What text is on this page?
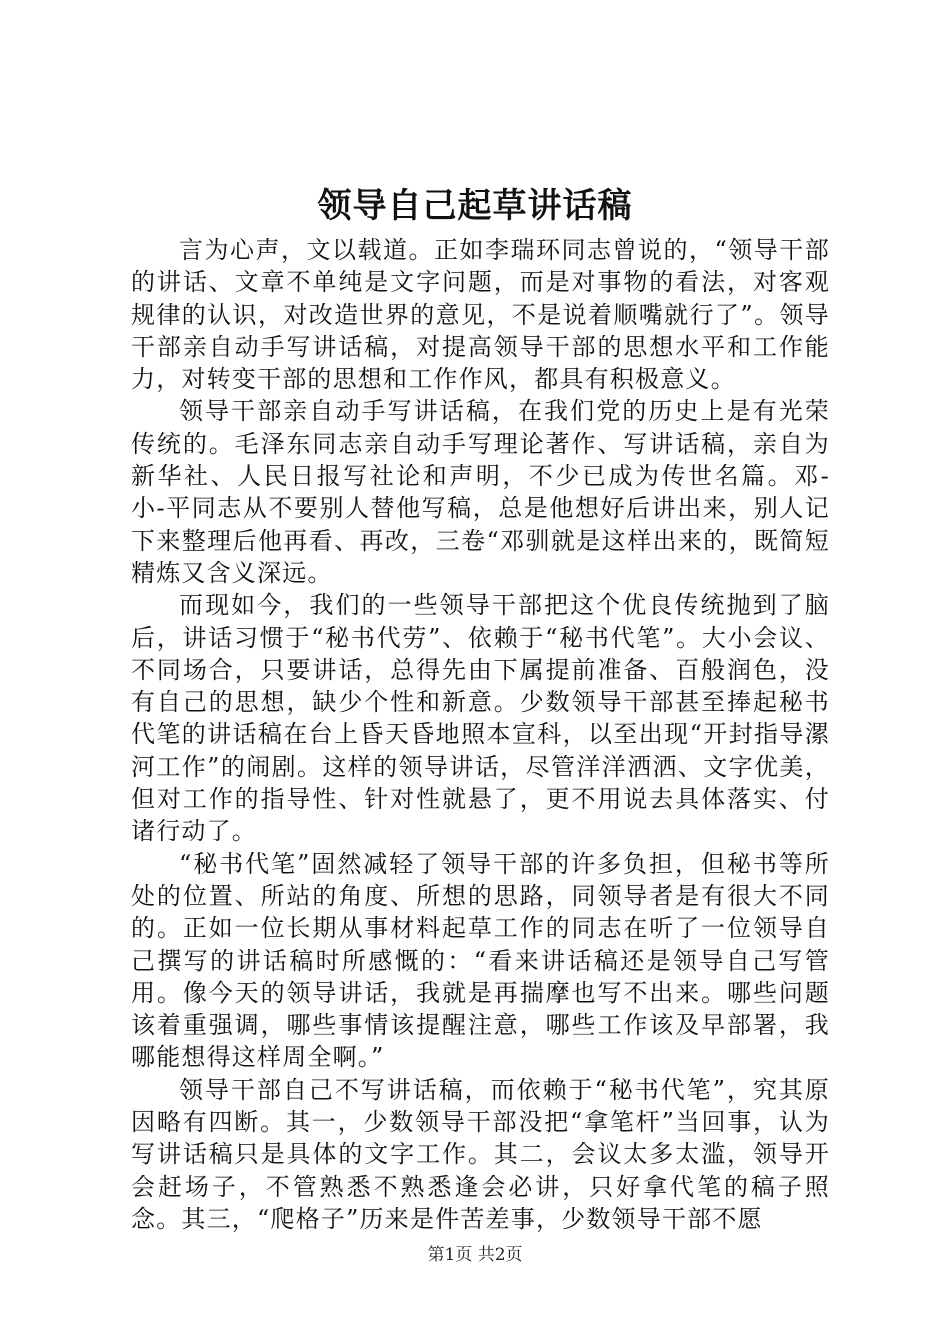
领导自己起草讲话稿

言为心声，文以载道。正如李瑞环同志曾说的，“领导干部的讲话、文章不单纯是文字问题，而是对事物的看法，对客观规律的认识，对改造世界的意见，不是说着顺嘴就行了”。领导干部亲自动手写讲话稿，对提高领导干部的思想水平和工作能力，对转变干部的思想和工作作风，都具有积极意义。

领导干部亲自动手写讲话稿，在我们党的历史上是有光荣传统的。毛泽东同志亲自动手写理论著作、写讲话稿，亲自为新华社、人民日报写社论和声明，不少已成为传世名篇。邓-小-平同志从不要别人替他写稿，总是他想好后讲出来，别人记下来整理后他再看、再改，三卷“邓驯就是这样出来的，既简短精炼又含义深远。

而现如今，我们的一些领导干部把这个优良传统抛到了脑后，讲话习惯于“秘书代劳”、依赖于“秘书代笔”。大小会议、不同场合，只要讲话，总得先由下属提前准备、百般润色，没有自己的思想，缺少个性和新意。少数领导干部甚至捧起秘书代笔的讲话稿在台上昏天昏地照本宣科，以至出现“开封指导漯河工作”的闹剧。这样的领导讲话，尽管洋洋洒洒、文字优美，但对工作的指导性、针对性就悬了，更不用说去具体落实、付诸行动了。

“秘书代笔”固然减轻了领导干部的许多负担，但秘书等所处的位置、所站的角度、所想的思路，同领导者是有很大不同的。正如一位长期从事材料起草工作的同志在听了一位领导自己撰写的讲话稿时所感慨的：“看来讲话稿还是领导自己写管用。像今天的领导讲话，我就是再揣摩也写不出来。哪些问题该着重强调，哪些事情该提醒注意，哪些工作该及早部署，我哪能想得这样周全啊。”

领导干部自己不写讲话稿，而依赖于“秘书代笔”，究其原因略有四断。其一，少数领导干部没把“拿笔杆”当回事，认为写讲话稿只是具体的文字工作。其二，会议太多太滥，领导开会赶场子，不管熟悉不熟悉逢会必讲，只好拿代笔的稿子照念。其三，“爬格子”历来是件苦差事，少数领导干部不愿

第1页 共2页
